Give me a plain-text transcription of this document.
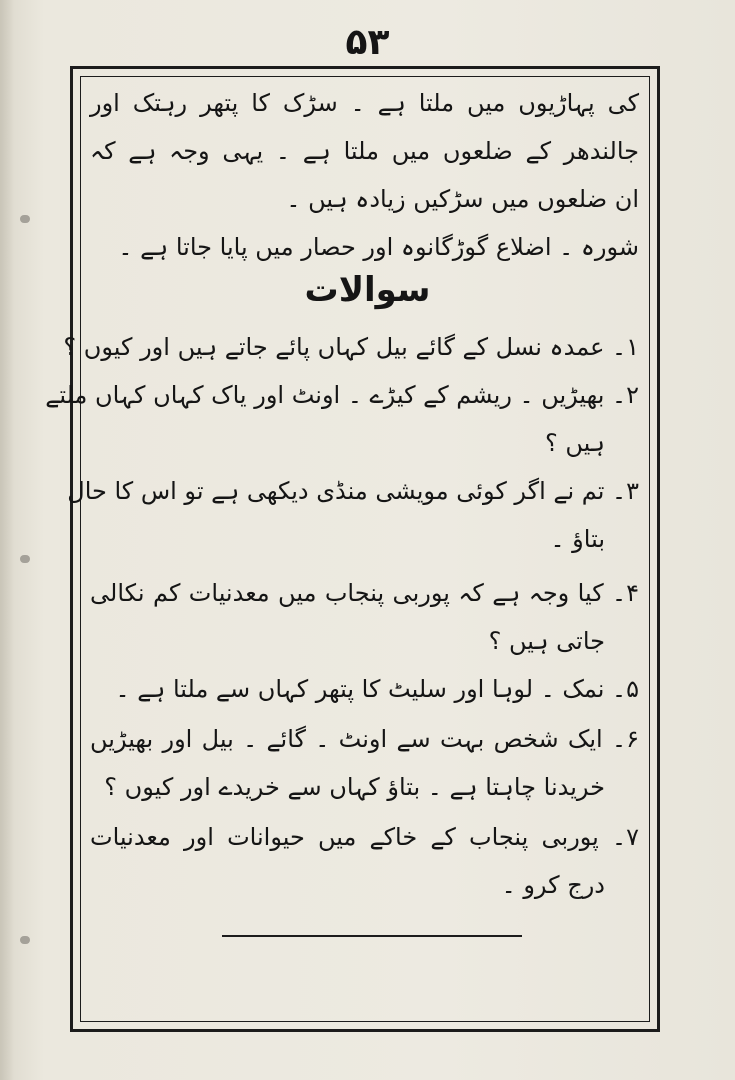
۵۳
کی پہاڑیوں میں ملتا ہے ۔ سڑک کا پتھر رہتک اور
جالندھر کے ضلعوں میں ملتا ہے ۔ یہی وجہ ہے کہ
ان ضلعوں میں سڑکیں زیادہ ہیں ۔
شورہ ۔ اضلاع گوڑگانوہ اور حصار میں پایا جاتا ہے ۔
سوالات
۱۔ عمدہ نسل کے گائے بیل کہاں پائے جاتے ہیں اور کیوں ؟
۲۔ بھیڑیں ۔ ریشم کے کیڑے ۔ اونٹ اور یاک کہاں کہاں ملتے
ہیں ؟
۳۔ تم نے اگر کوئی مویشی منڈی دیکھی ہے تو اس کا حال
بتاؤ ۔
۴۔ کیا وجہ ہے کہ پوربی پنجاب میں معدنیات کم نکالی
جاتی ہیں ؟
۵۔ نمک ۔ لوہا اور سلیٹ کا پتھر کہاں سے ملتا ہے ۔
۶۔ ایک شخص بہت سے اونٹ ۔ گائے ۔ بیل اور بھیڑیں
خریدنا چاہتا ہے ۔ بتاؤ کہاں سے خریدے اور کیوں ؟
۷۔ پوربی پنجاب کے خاکے میں حیوانات اور معدنیات
درج کرو ۔
